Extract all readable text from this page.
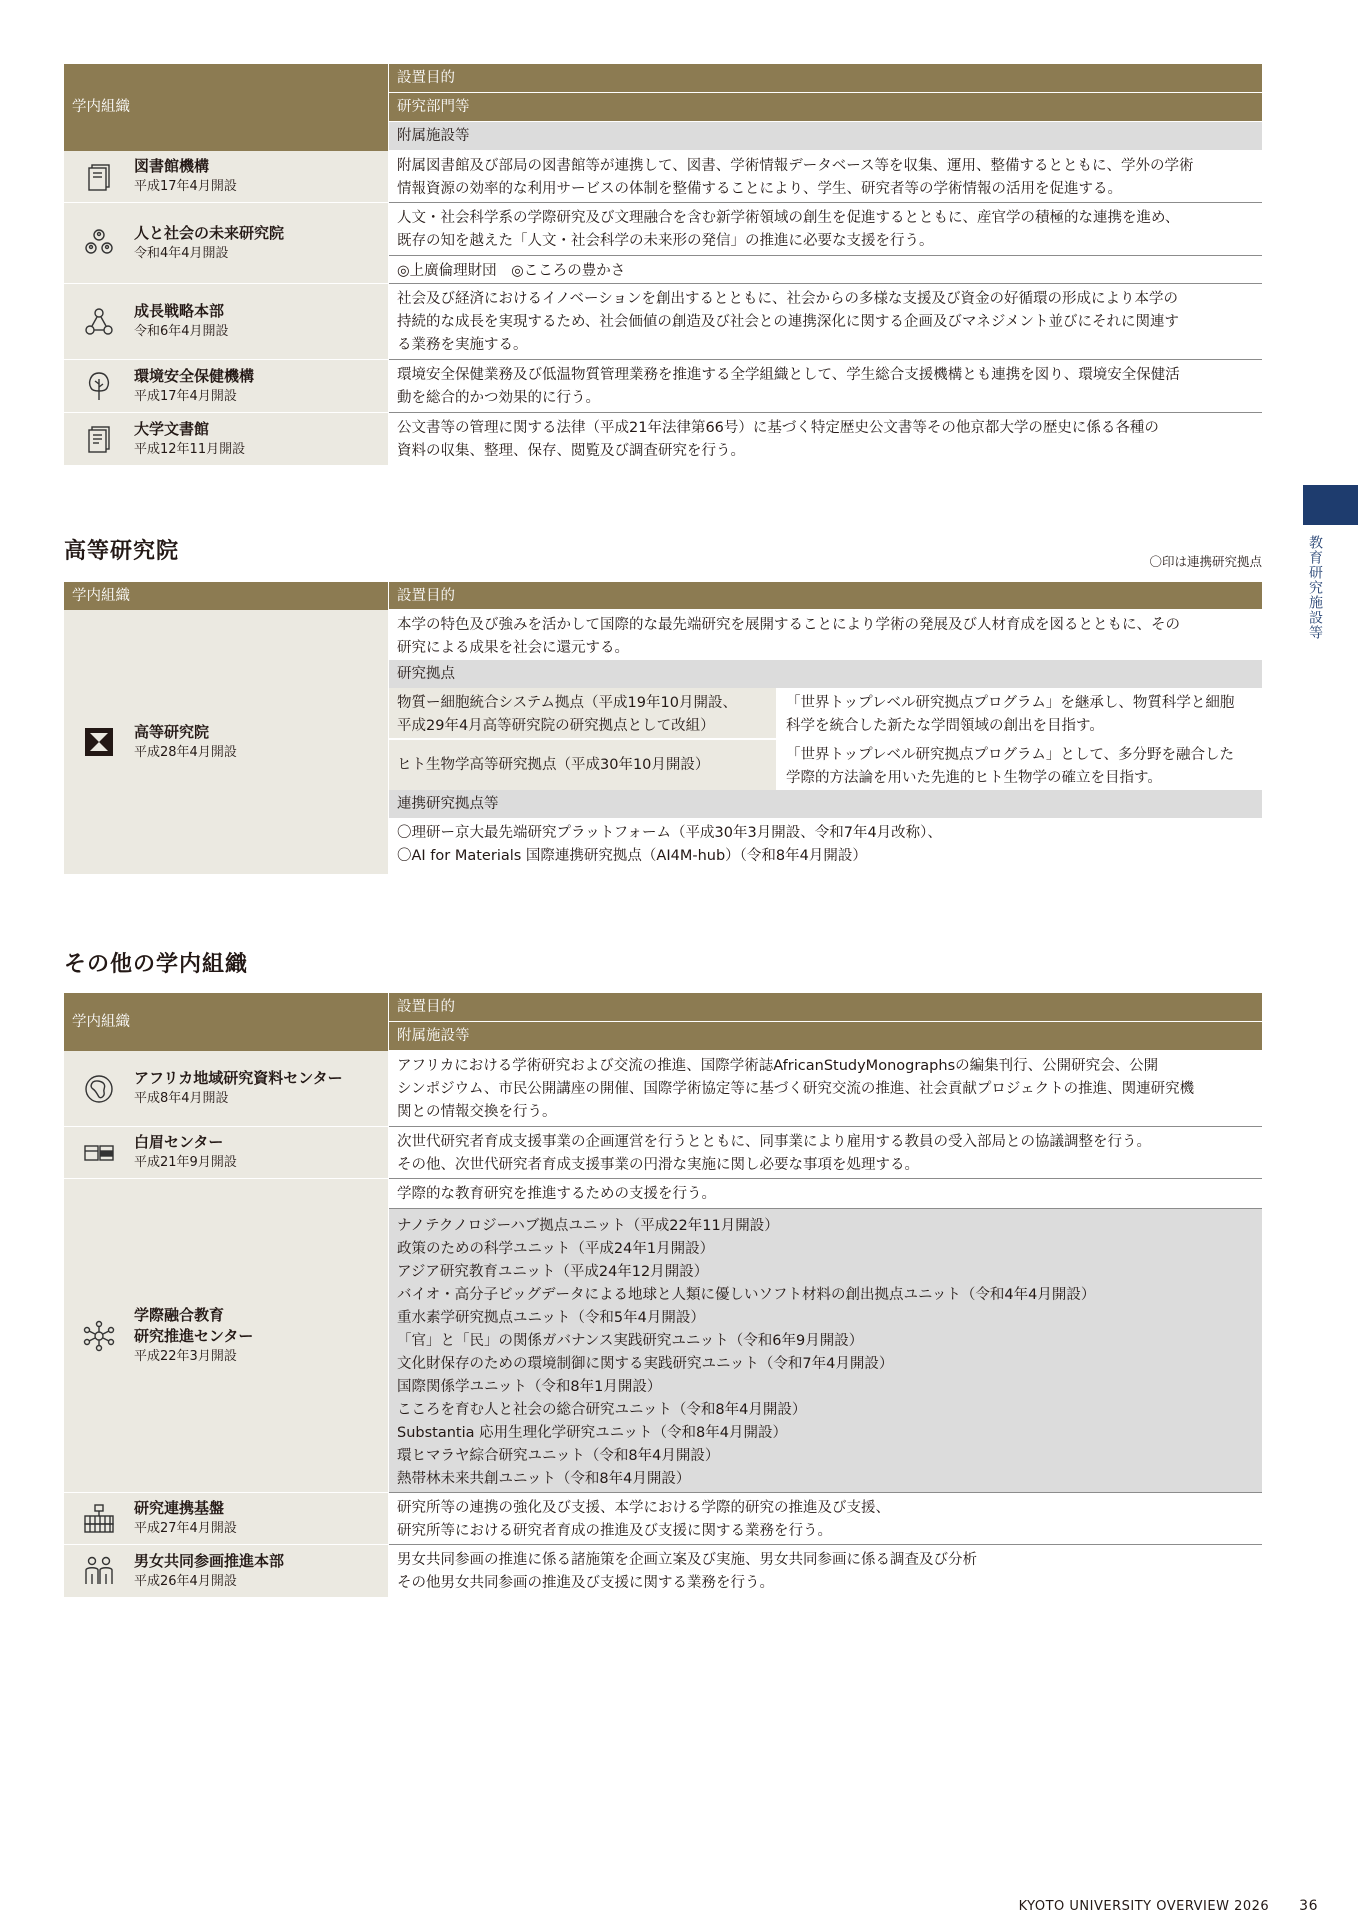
学内組織
設置目的
研究部門等
附属施設等
図書館機構
平成17年4月開設
附属図書館及び部局の図書館等が連携して、図書、学術情報データベース等を収集、運用、整備するとともに、学外の学術
情報資源の効率的な利用サービスの体制を整備することにより、学生、研究者等の学術情報の活用を促進する。
人と社会の未来研究院
令和4年4月開設
人文・社会科学系の学際研究及び文理融合を含む新学術領域の創生を促進するとともに、産官学の積極的な連携を進め、
既存の知を越えた「人文・社会科学の未来形の発信」の推進に必要な支援を行う。
◎上廣倫理財団　◎こころの豊かさ
成長戦略本部
令和6年4月開設
社会及び経済におけるイノベーションを創出するとともに、社会からの多様な支援及び資金の好循環の形成により本学の
持続的な成長を実現するため、社会価値の創造及び社会との連携深化に関する企画及びマネジメント並びにそれに関連す
る業務を実施する。
環境安全保健機構
平成17年4月開設
環境安全保健業務及び低温物質管理業務を推進する全学組織として、学生総合支援機構とも連携を図り、環境安全保健活
動を総合的かつ効果的に行う。
大学文書館
平成12年11月開設
公文書等の管理に関する法律（平成21年法律第66号）に基づく特定歴史公文書等その他京都大学の歴史に係る各種の
資料の収集、整理、保存、閲覧及び調査研究を行う。
教育研究施設等
高等研究院	〇印は連携研究拠点
学内組織	設置目的
高等研究院
平成28年4月開設
本学の特色及び強みを活かして国際的な最先端研究を展開することにより学術の発展及び人材育成を図るとともに、その
研究による成果を社会に還元する。
研究拠点
物質ー細胞統合システム拠点（平成19年10月開設、
平成29年4月高等研究院の研究拠点として改組）
「世界トップレベル研究拠点プログラム」を継承し、物質科学と細胞
科学を統合した新たな学問領域の創出を目指す。
ヒト生物学高等研究拠点（平成30年10月開設）
「世界トップレベル研究拠点プログラム」として、多分野を融合した
学際的方法論を用いた先進的ヒト生物学の確立を目指す。
連携研究拠点等
〇理研ー京大最先端研究プラットフォーム（平成30年3月開設、令和7年4月改称）、
〇AI for Materials 国際連携研究拠点（AI4M-hub）（令和8年4月開設）
その他の学内組織
学内組織
設置目的
附属施設等
アフリカ地域研究資料センター
平成8年4月開設
アフリカにおける学術研究および交流の推進、国際学術誌AfricanStudyMonographsの編集刊行、公開研究会、公開
シンポジウム、市民公開講座の開催、国際学術協定等に基づく研究交流の推進、社会貢献プロジェクトの推進、関連研究機
関との情報交換を行う。
白眉センター
平成21年9月開設
次世代研究者育成支援事業の企画運営を行うとともに、同事業により雇用する教員の受入部局との協議調整を行う。
その他、次世代研究者育成支援事業の円滑な実施に関し必要な事項を処理する。
学際融合教育
研究推進センター
平成22年3月開設
学際的な教育研究を推進するための支援を行う。
ナノテクノロジーハブ拠点ユニット（平成22年11月開設）
政策のための科学ユニット（平成24年1月開設）
アジア研究教育ユニット（平成24年12月開設）
バイオ・高分子ビッグデータによる地球と人類に優しいソフト材料の創出拠点ユニット（令和4年4月開設）
重水素学研究拠点ユニット（令和5年4月開設）
「官」と「民」の関係ガバナンス実践研究ユニット（令和6年9月開設）
文化財保存のための環境制御に関する実践研究ユニット（令和7年4月開設）
国際関係学ユニット（令和8年1月開設）
こころを育む人と社会の総合研究ユニット（令和8年4月開設）
Substantia 応用生理化学研究ユニット（令和8年4月開設）
環ヒマラヤ綜合研究ユニット（令和8年4月開設）
熱帯林未来共創ユニット（令和8年4月開設）
研究連携基盤
平成27年4月開設
研究所等の連携の強化及び支援、本学における学際的研究の推進及び支援、
研究所等における研究者育成の推進及び支援に関する業務を行う。
男女共同参画推進本部
平成26年4月開設
男女共同参画の推進に係る諸施策を企画立案及び実施、男女共同参画に係る調査及び分析
その他男女共同参画の推進及び支援に関する業務を行う。
KYOTO UNIVERSITY OVERVIEW 2026 36
